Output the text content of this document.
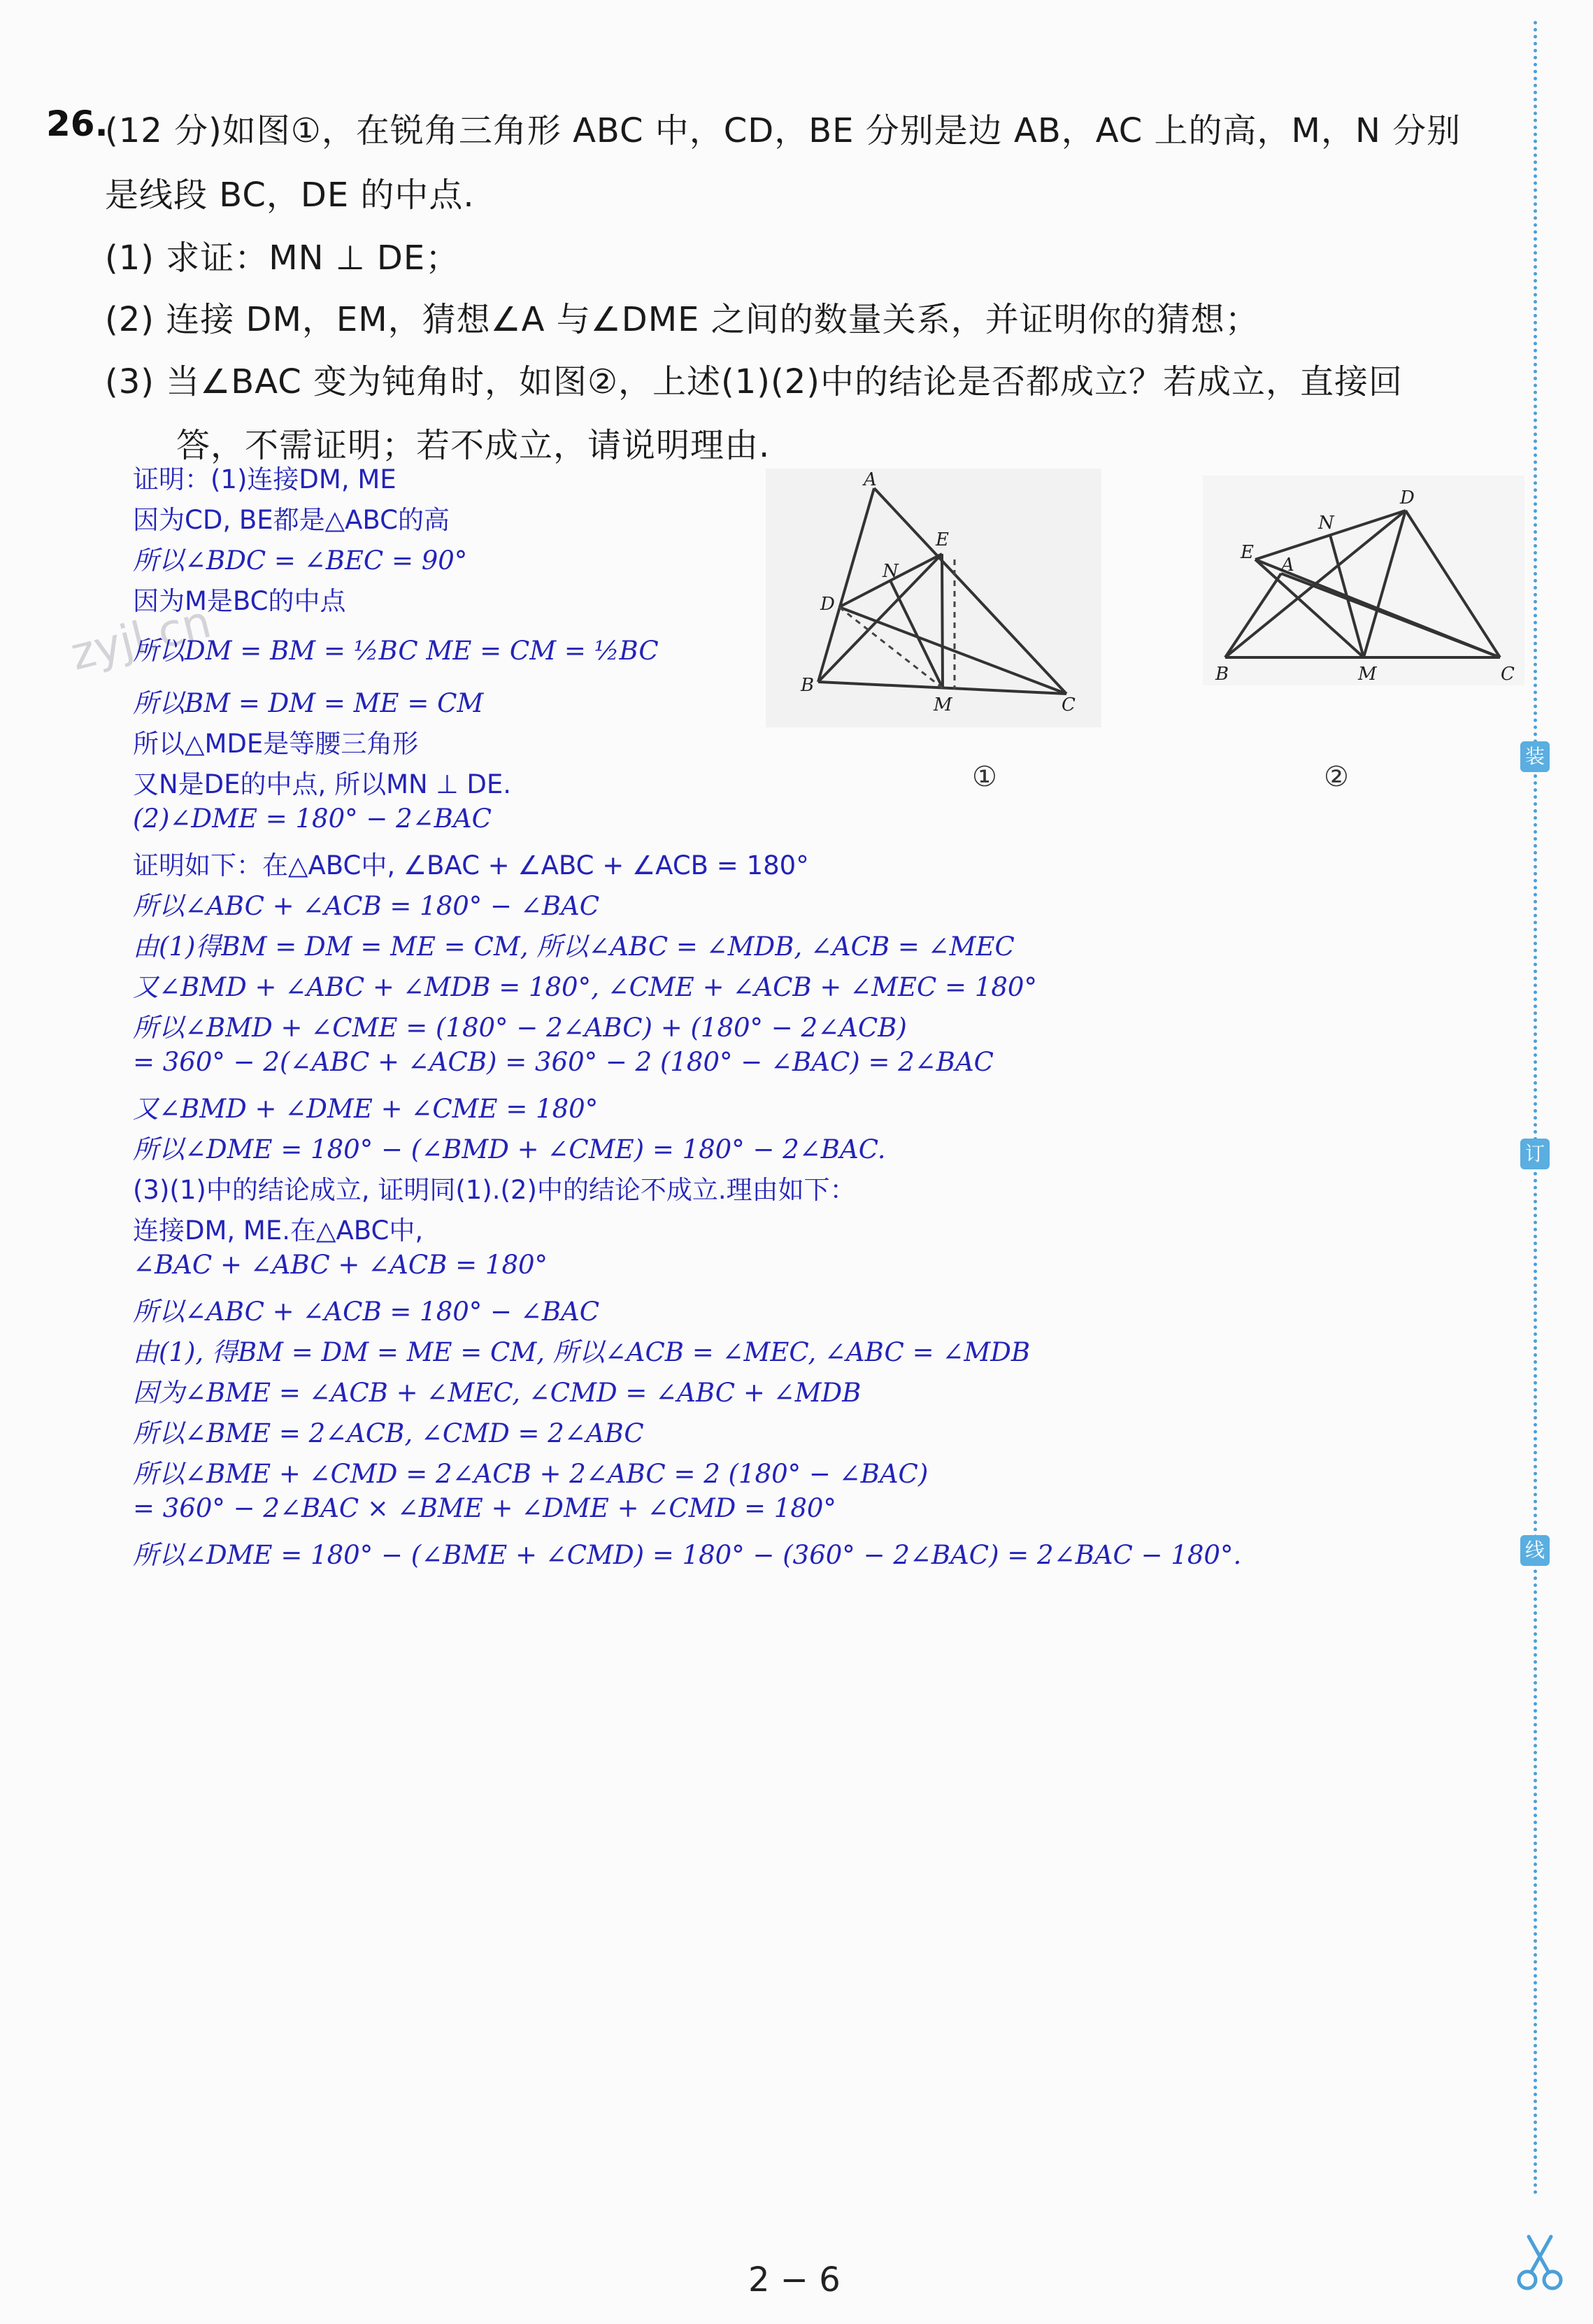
zyjl.cn
26.
(12 分)如图①，在锐角三角形 ABC 中，CD，BE 分别是边 AB，AC 上的高，M，N 分别
是线段 BC，DE 的中点.
(1) 求证：MN ⊥ DE；
(2) 连接 DM，EM，猜想∠A 与∠DME 之间的数量关系，并证明你的猜想；
(3) 当∠BAC 变为钝角时，如图②，上述(1)(2)中的结论是否都成立？若成立，直接回
答，不需证明；若不成立，请说明理由.
证明：(1)连接DM, ME
因为CD, BE都是△ABC的高
所以∠BDC = ∠BEC = 90°
因为M是BC的中点
所以DM = BM = ½BC ME = CM = ½BC
所以BM = DM = ME = CM
所以△MDE是等腰三角形
又N是DE的中点, 所以MN ⊥ DE.
(2)∠DME = 180° − 2∠BAC
证明如下：在△ABC中, ∠BAC + ∠ABC + ∠ACB = 180°
所以∠ABC + ∠ACB = 180° − ∠BAC
由(1)得BM = DM = ME = CM, 所以∠ABC = ∠MDB, ∠ACB = ∠MEC
又∠BMD + ∠ABC + ∠MDB = 180°, ∠CME + ∠ACB + ∠MEC = 180°
所以∠BMD + ∠CME = (180° − 2∠ABC) + (180° − 2∠ACB)
= 360° − 2(∠ABC + ∠ACB) = 360° − 2 (180° − ∠BAC) = 2∠BAC
又∠BMD + ∠DME + ∠CME = 180°
所以∠DME = 180° − (∠BMD + ∠CME) = 180° − 2∠BAC.
(3)(1)中的结论成立, 证明同(1).(2)中的结论不成立.理由如下：
连接DM, ME.在△ABC中,
∠BAC + ∠ABC + ∠ACB = 180°
所以∠ABC + ∠ACB = 180° − ∠BAC
由(1), 得BM = DM = ME = CM, 所以∠ACB = ∠MEC, ∠ABC = ∠MDB
因为∠BME = ∠ACB + ∠MEC, ∠CMD = ∠ABC + ∠MDB
所以∠BME = 2∠ACB, ∠CMD = 2∠ABC
所以∠BME + ∠CMD = 2∠ACB + 2∠ABC = 2 (180° − ∠BAC)
= 360° − 2∠BAC × ∠BME + ∠DME + ∠CMD = 180°
所以∠DME = 180° − (∠BME + ∠CMD) = 180° − (360° − 2∠BAC) = 2∠BAC − 180°.
A
E
N
D
B
M	C
①
D
N
E
A
B	M	C
②
装
订
线
2 − 6
